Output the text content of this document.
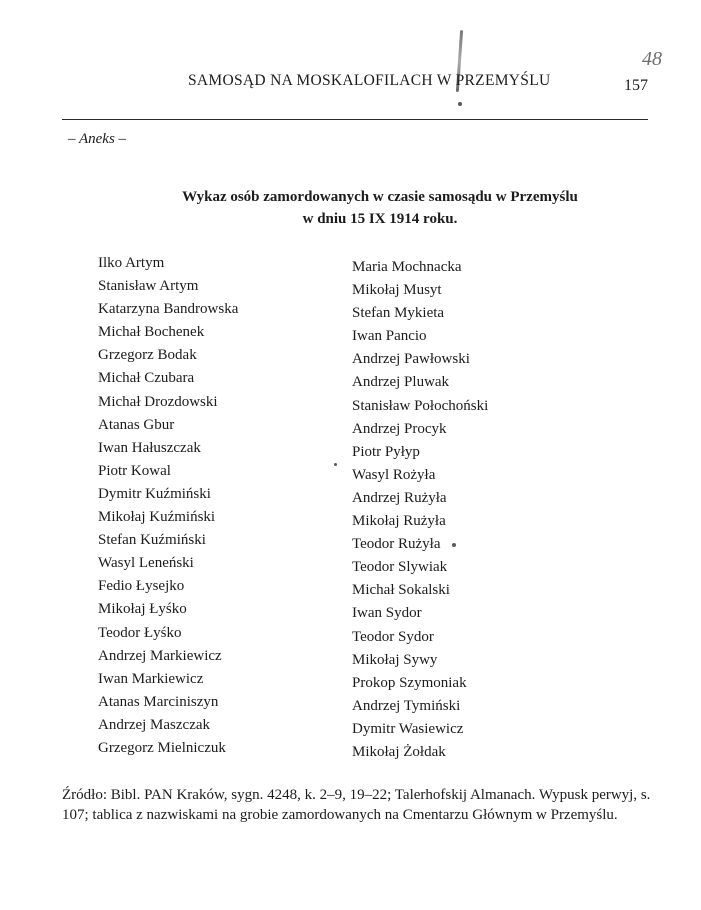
SAMOSĄD NA MOSKALOFILACH W PRZEMYŚLU
48
157
– Aneks –
Wykaz osób zamordowanych w czasie samosądu w Przemyślu
w dniu 15 IX 1914 roku.
Ilko Artym
Stanisław Artym
Katarzyna Bandrowska
Michał Bochenek
Grzegorz Bodak
Michał Czubara
Michał Drozdowski
Atanas Gbur
Iwan Hałuszczak
Piotr Kowal
Dymitr Kuźmiński
Mikołaj Kuźmiński
Stefan Kuźmiński
Wasyl Leneński
Fedio Łysejko
Mikołaj Łyśko
Teodor Łyśko
Andrzej Markiewicz
Iwan Markiewicz
Atanas Marciniszyn
Andrzej Maszczak
Grzegorz Mielniczuk
Maria Mochnacka
Mikołaj Musyt
Stefan Mykieta
Iwan Pancio
Andrzej Pawłowski
Andrzej Pluwak
Stanisław Połochoński
Andrzej Procyk
Piotr Pyłyp
Wasyl Rożyła
Andrzej Rużyła
Mikołaj Rużyła
Teodor Rużyła
Teodor Slywiak
Michał Sokalski
Iwan Sydor
Teodor Sydor
Mikołaj Sywy
Prokop Szymoniak
Andrzej Tymiński
Dymitr Wasiewicz
Mikołaj Żołdak
Źródło: Bibl. PAN Kraków, sygn. 4248, k. 2–9, 19–22; Talerhofskij Almanach. Wypusk perwyj, s. 107; tablica z nazwiskami na grobie zamordowanych na Cmentarzu Głównym w Przemyślu.
